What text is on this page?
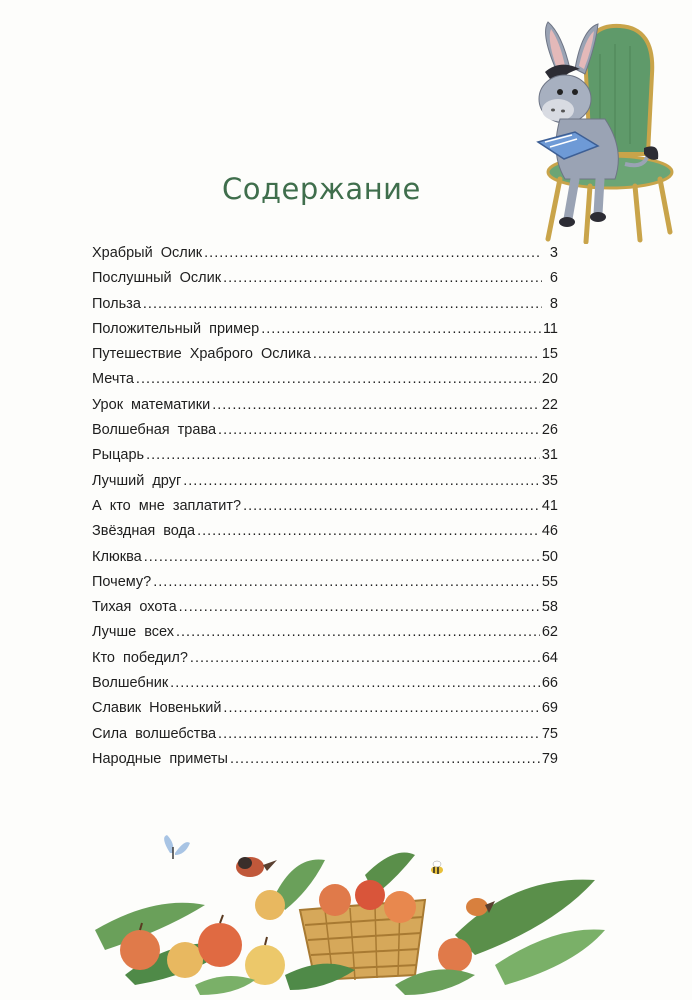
Содержание
Храбрый Ослик .....	3
Послушный Ослик .....	6
Польза .....	8
Положительный пример .....	11
Путешествие Храброго Ослика .....	15
Мечта .....	20
Урок математики .....	22
Волшебная трава .....	26
Рыцарь .....	31
Лучший друг .....	35
А кто мне заплатит? .....	41
Звёздная вода .....	46
Клюква .....	50
Почему? .....	55
Тихая охота .....	58
Лучше всех .....	62
Кто победил? .....	64
Волшебник .....	66
Славик Новенький .....	69
Сила волшебства .....	75
Народные приметы .....	79
